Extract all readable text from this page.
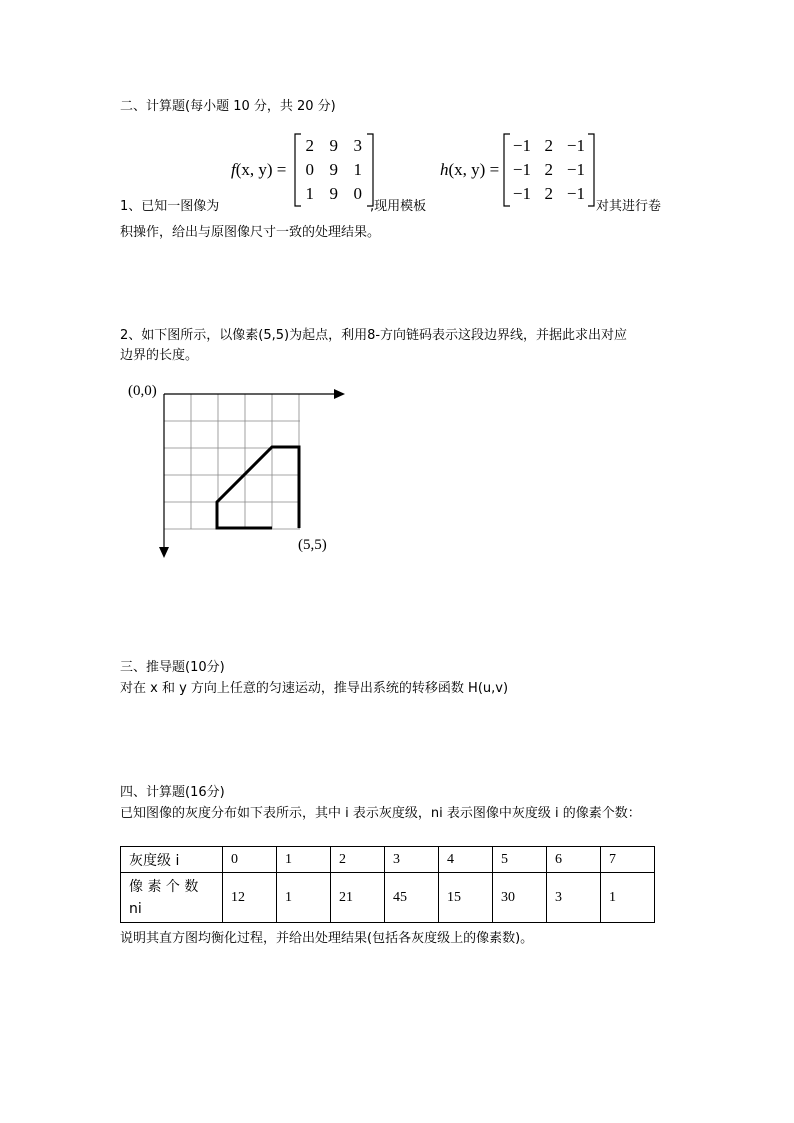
二、计算题(每小题 10 分，共 20 分)
f(x, y) =
2 9 3
0 9 1
1 9 0
h(x, y) =
−1 2 −1
−1 2 −1
−1 2 −1
1、已知一图像为	,现用模板	对其进行卷
积操作，给出与原图像尺寸一致的处理结果。
2、如下图所示，以像素(5,5)为起点，利用8-方向链码表示这段边界线，并据此求出对应
边界的长度。
(0,0)
(5,5)
三、推导题(10分)
对在 x 和 y 方向上任意的匀速运动，推导出系统的转移函数 H(u,v)
四、计算题(16分)
已知图像的灰度分布如下表所示，其中 i 表示灰度级，ni 表示图像中灰度级 i 的像素个数：
灰度级 i	0	1	2	3	4	5	6	7
像 素 个 数
ni	12	1	21	45	15	30	3	1
说明其直方图均衡化过程，并给出处理结果(包括各灰度级上的像素数)。
